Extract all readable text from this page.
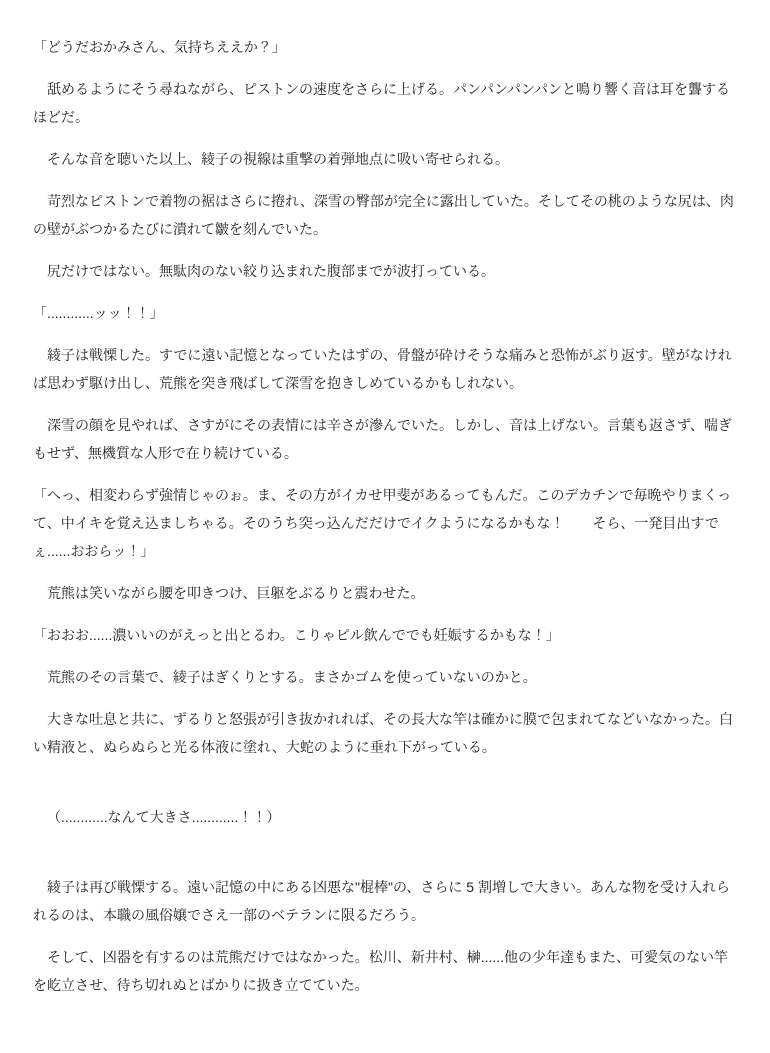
「どうだおかみさん、気持ちええか？」

舐めるようにそう尋ねながら、ピストンの速度をさらに上げる。パンパンパンパンと鳴り響く音は耳を聾するほどだ。

そんな音を聴いた以上、綾子の視線は重撃の着弾地点に吸い寄せられる。

苛烈なピストンで着物の裾はさらに捲れ、深雪の臀部が完全に露出していた。そしてその桃のような尻は、肉の壁がぶつかるたびに潰れて皺を刻んでいた。

尻だけではない。無駄肉のない絞り込まれた腹部までが波打っている。

「............ッッ！！」

綾子は戦慄した。すでに遠い記憶となっていたはずの、骨盤が砕けそうな痛みと恐怖がぶり返す。壁がなければ思わず駆け出し、荒熊を突き飛ばして深雪を抱きしめているかもしれない。

深雪の顔を見やれば、さすがにその表情には辛さが滲んでいた。しかし、音は上げない。言葉も返さず、喘ぎもせず、無機質な人形で在り続けている。

「へっ、相変わらず強情じゃのぉ。ま、その方がイカせ甲斐があるってもんだ。このデカチンで毎晩やりまくって、中イキを覚え込ましちゃる。そのうち突っ込んだだけでイクようになるかもな！　　そら、一発目出すでぇ......おおらッ！」

荒熊は笑いながら腰を叩きつけ、巨躯をぶるりと震わせた。

「おおお......濃いいのがえっと出とるわ。こりゃピル飲んででも妊娠するかもな！」

荒熊のその言葉で、綾子はぎくりとする。まさかゴムを使っていないのかと。

大きな吐息と共に、ずるりと怒張が引き抜かれれば、その長大な竿は確かに膜で包まれてなどいなかった。白い精液と、ぬらぬらと光る体液に塗れ、大蛇のように垂れ下がっている。

（............なんて大きさ............！！）

綾子は再び戦慄する。遠い記憶の中にある凶悪な"棍棒"の、さらに 5 割増しで大きい。あんな物を受け入れられるのは、本職の風俗嬢でさえ一部のベテランに限るだろう。

そして、凶器を有するのは荒熊だけではなかった。松川、新井村、榊......他の少年達もまた、可愛気のない竿を屹立させ、待ち切れぬとばかりに扱き立てていた。
